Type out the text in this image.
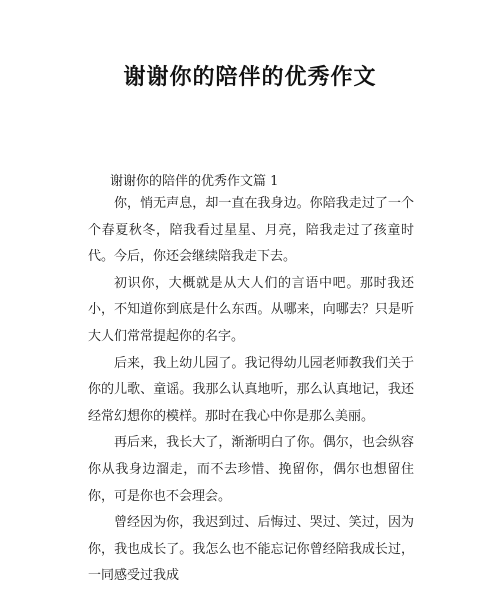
谢谢你的陪伴的优秀作文
谢谢你的陪伴的优秀作文篇 1

你，悄无声息，却一直在我身边。你陪我走过了一个个春夏秋冬，陪我看过星星、月亮，陪我走过了孩童时代。今后，你还会继续陪我走下去。

初识你，大概就是从大人们的言语中吧。那时我还小，不知道你到底是什么东西。从哪来，向哪去？只是听大人们常常提起你的名字。

后来，我上幼儿园了。我记得幼儿园老师教我们关于你的儿歌、童谣。我那么认真地听，那么认真地记，我还经常幻想你的模样。那时在我心中你是那么美丽。

再后来，我长大了，渐渐明白了你。偶尔，也会纵容你从我身边溜走，而不去珍惜、挽留你，偶尔也想留住你，可是你也不会理会。

曾经因为你，我迟到过、后悔过、哭过、笑过，因为你，我也成长了。我怎么也不能忘记你曾经陪我成长过，一同感受过我成
